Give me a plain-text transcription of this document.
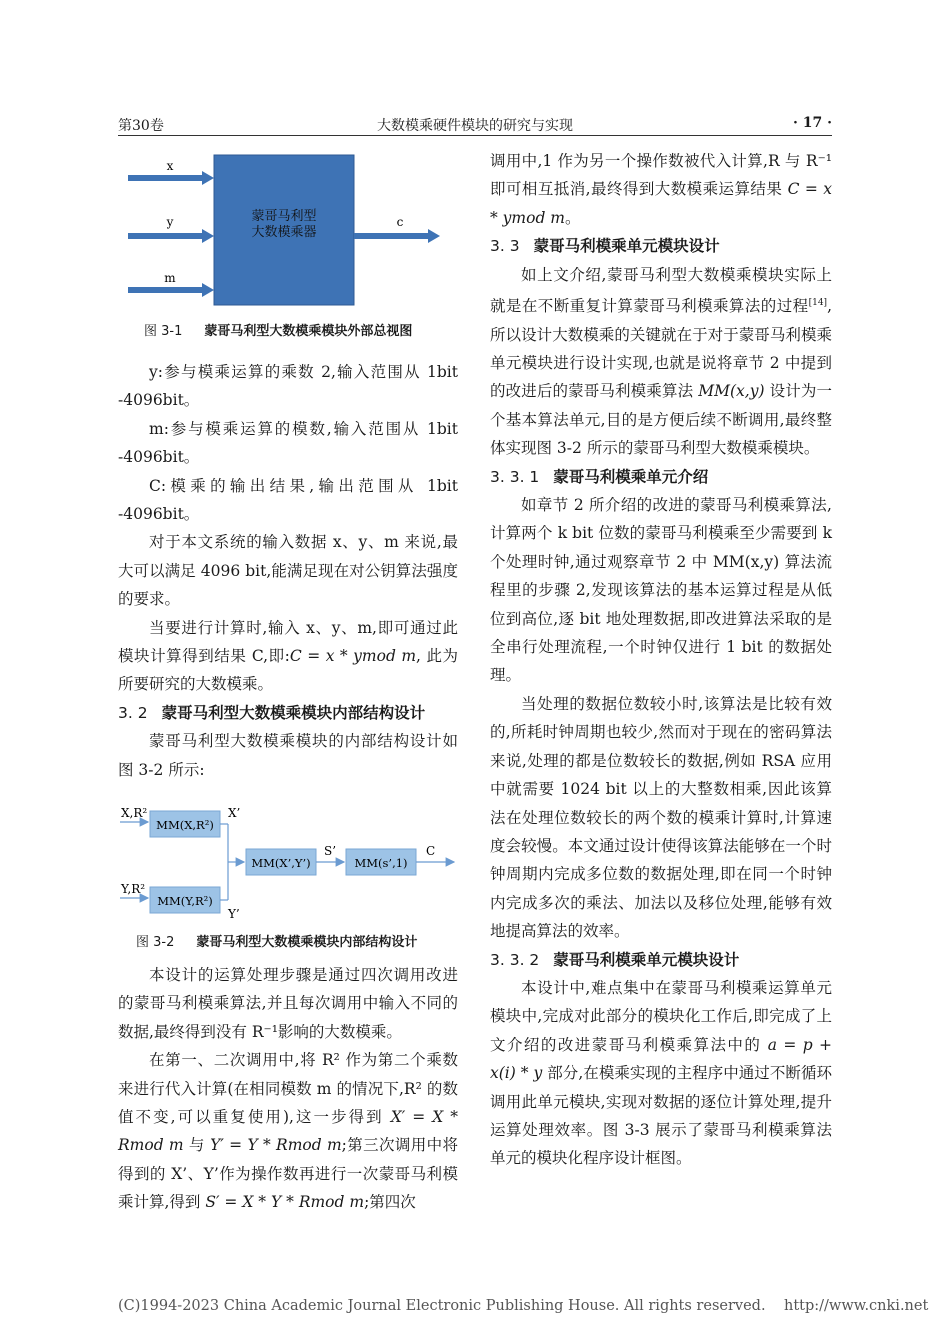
第30卷	大数模乘硬件模块的研究与实现	· 17 ·
蒙哥马利型
大数模乘器
x
y
m
c
图 3-1 蒙哥马利型大数模乘模块外部总视图

y:参与模乘运算的乘数 2,输入范围从 1bit -4096bit。

m:参与模乘运算的模数,输入范围从 1bit -4096bit。

C:模乘的输出结果,输出范围从 1bit -4096bit。

对于本文系统的输入数据 x、y、m 来说,最大可以满足 4096 bit,能满足现在对公钥算法强度的要求。

当要进行计算时,输入 x、y、m,即可通过此模块计算得到结果 C,即:C = x * ymod m, 此为所要研究的大数模乘。

3. 2 蒙哥马利型大数模乘模块内部结构设计

蒙哥马利型大数模乘模块的内部结构设计如图 3-2 所示:

X,R²
Y,R²
MM(X,R²)
MM(Y,R²)
X’
Y’
MM(X’,Y’)
S’
MM(s’,1)
C
图 3-2 蒙哥马利型大数模乘模块内部结构设计

本设计的运算处理步骤是通过四次调用改进的蒙哥马利模乘算法,并且每次调用中输入不同的数据,最终得到没有 R⁻¹影响的大数模乘。

在第一、二次调用中,将 R² 作为第二个乘数来进行代入计算(在相同模数 m 的情况下,R² 的数值不变,可以重复使用),这一步得到 X′ = X * Rmod m 与 Y′ = Y * Rmod m;第三次调用中将得到的 X’、Y’作为操作数再进行一次蒙哥马利模乘计算,得到 S′ = X * Y * Rmod m;第四次

调用中,1 作为另一个操作数被代入计算,R 与 R⁻¹即可相互抵消,最终得到大数模乘运算结果 C = x * ymod m。

3. 3 蒙哥马利模乘单元模块设计

如上文介绍,蒙哥马利型大数模乘模块实际上就是在不断重复计算蒙哥马利模乘算法的过程[14],所以设计大数模乘的关键就在于对于蒙哥马利模乘单元模块进行设计实现,也就是说将章节 2 中提到的改进后的蒙哥马利模乘算法 MM(x,y) 设计为一个基本算法单元,目的是方便后续不断调用,最终整体实现图 3-2 所示的蒙哥马利型大数模乘模块。

3. 3. 1 蒙哥马利模乘单元介绍

如章节 2 所介绍的改进的蒙哥马利模乘算法,计算两个 k bit 位数的蒙哥马利模乘至少需要到 k 个处理时钟,通过观察章节 2 中 MM(x,y) 算法流程里的步骤 2,发现该算法的基本运算过程是从低位到高位,逐 bit 地处理数据,即改进算法采取的是全串行处理流程,一个时钟仅进行 1 bit 的数据处理。

当处理的数据位数较小时,该算法是比较有效的,所耗时钟周期也较少,然而对于现在的密码算法来说,处理的都是位数较长的数据,例如 RSA 应用中就需要 1024 bit 以上的大整数相乘,因此该算法在处理位数较长的两个数的模乘计算时,计算速度会较慢。本文通过设计使得该算法能够在一个时钟周期内完成多位数的数据处理,即在同一个时钟内完成多次的乘法、加法以及移位处理,能够有效地提高算法的效率。

3. 3. 2 蒙哥马利模乘单元模块设计

本设计中,难点集中在蒙哥马利模乘运算单元模块中,完成对此部分的模块化工作后,即完成了上文介绍的改进蒙哥马利模乘算法中的 a = p + x(i) * y 部分,在模乘实现的主程序中通过不断循环调用此单元模块,实现对数据的逐位计算处理,提升运算处理效率。图 3-3 展示了蒙哥马利模乘算法单元的模块化程序设计框图。

(C)1994-2023 China Academic Journal Electronic Publishing House. All rights reserved.    http://www.cnki.net
